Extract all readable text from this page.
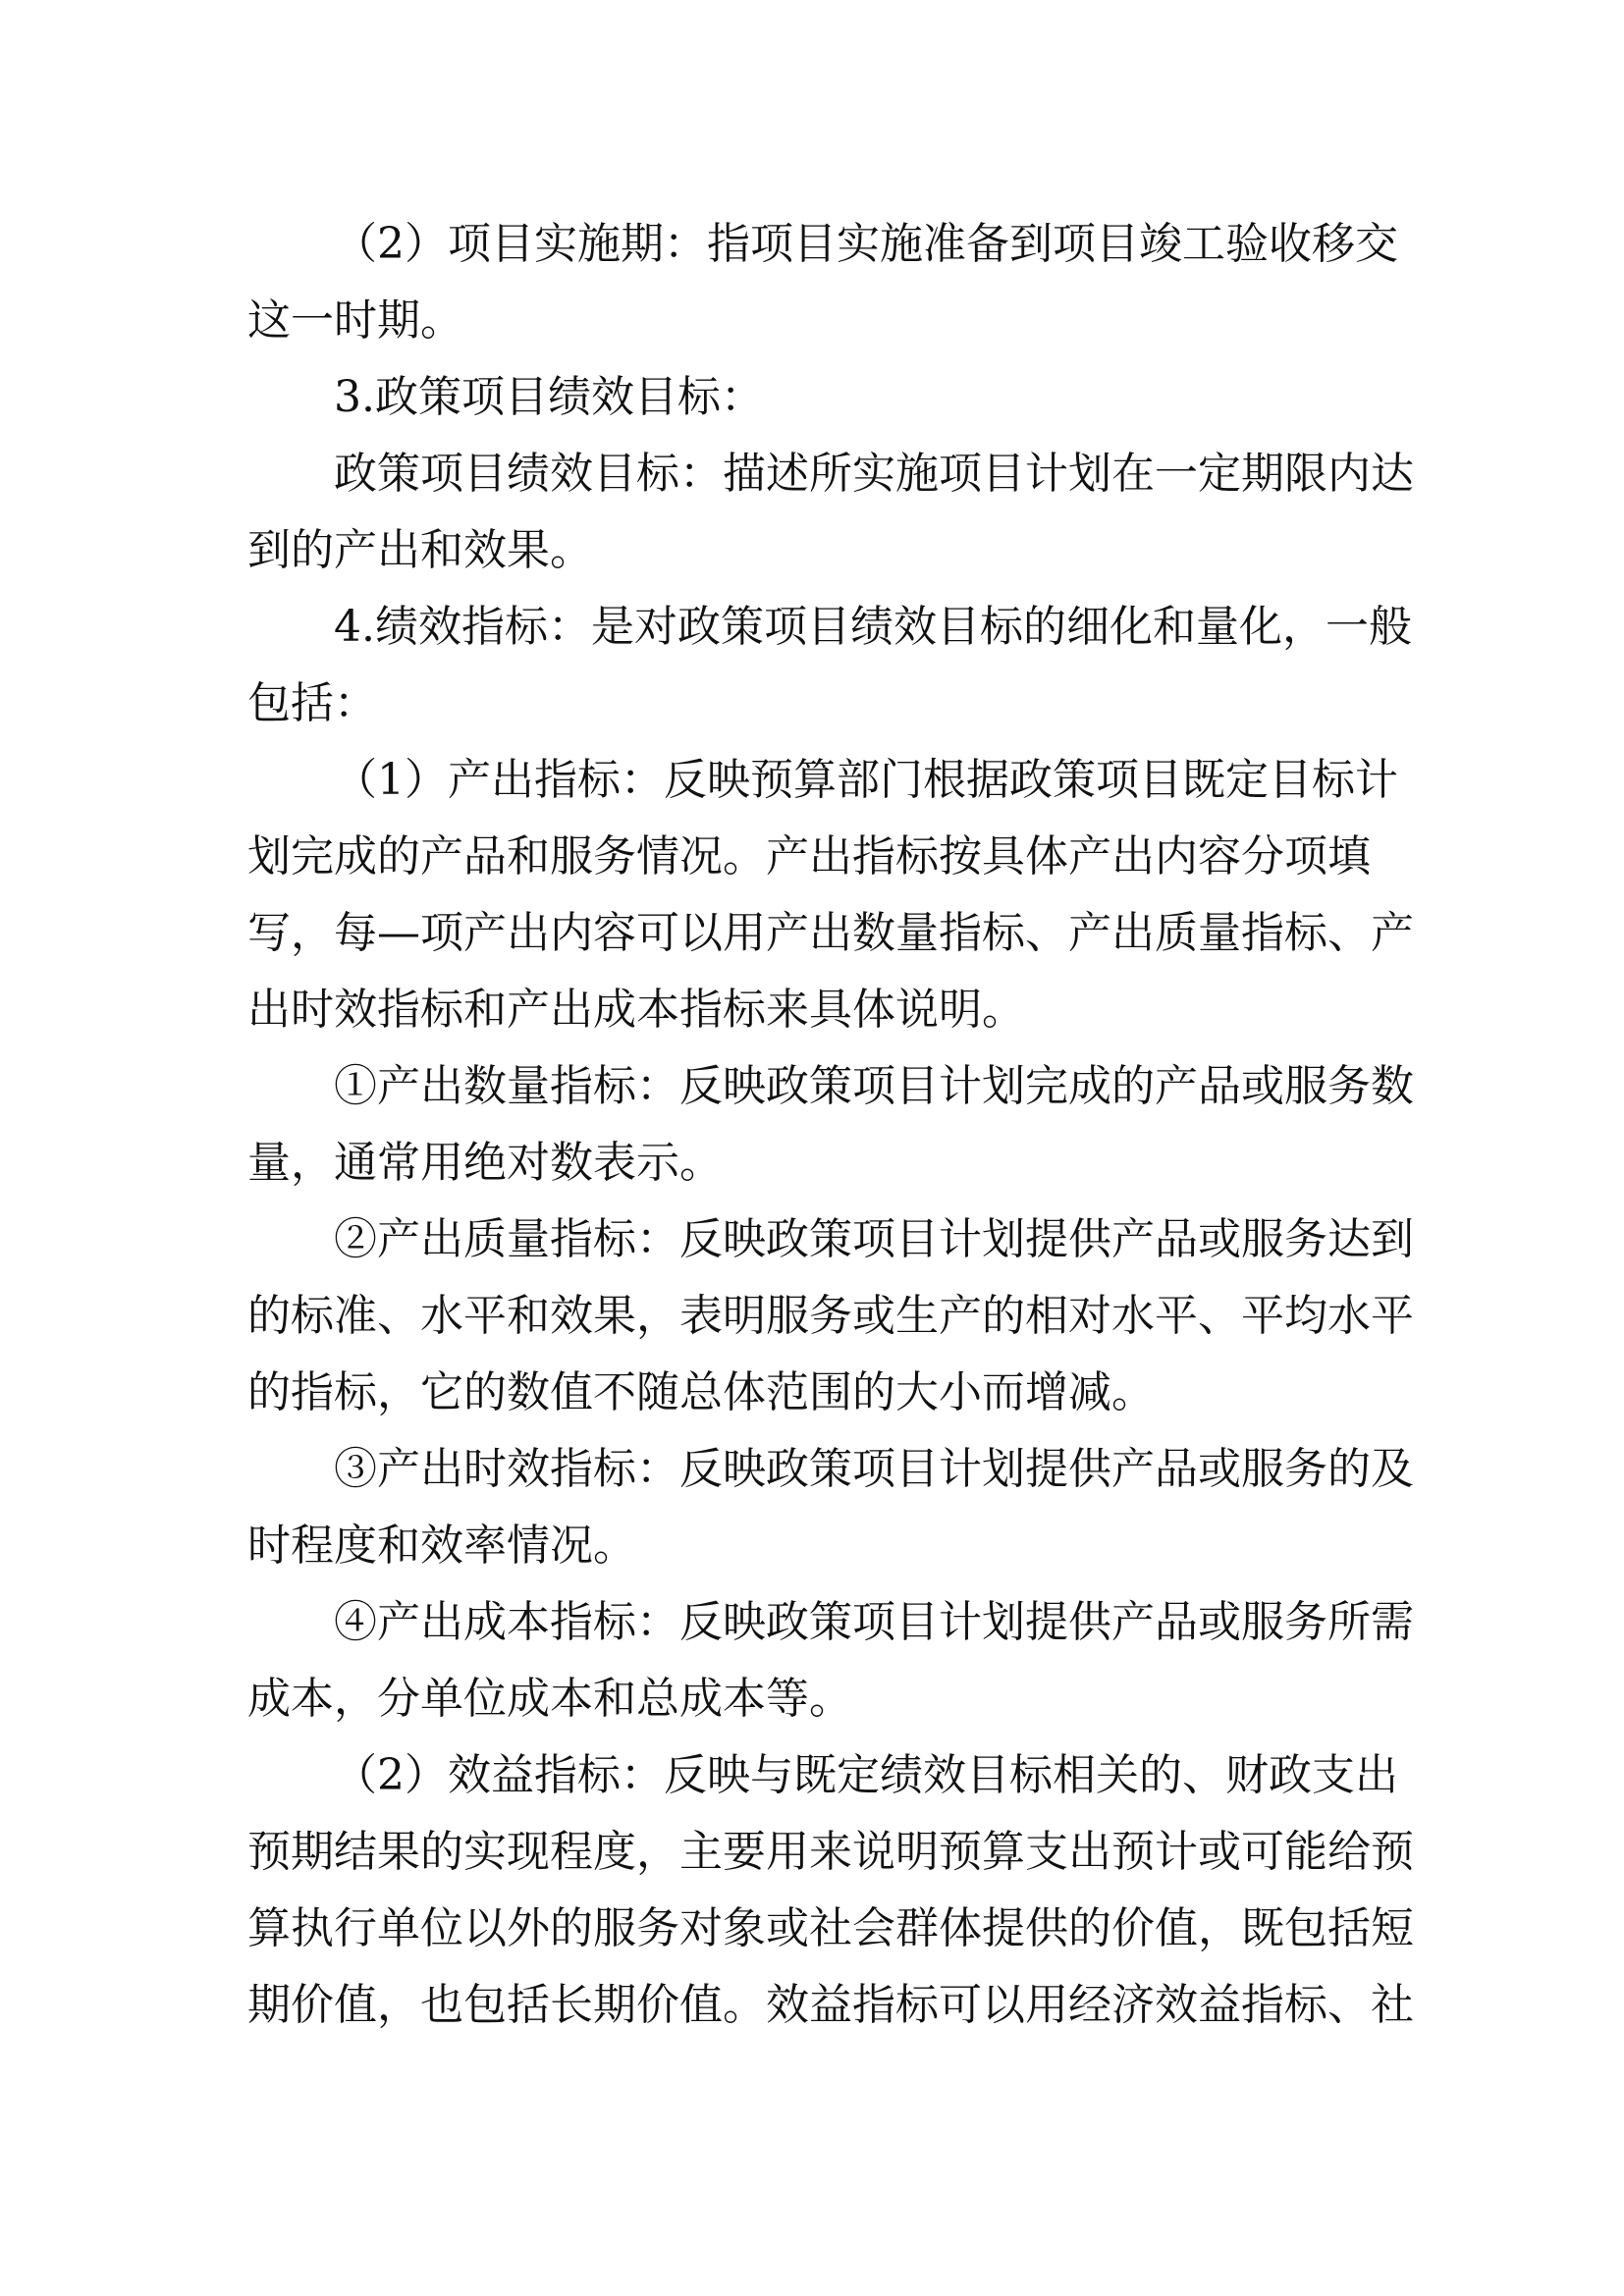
（2）项目实施期：指项目实施准备到项目竣工验收移交
这一时期。
3.政策项目绩效目标：
政策项目绩效目标：描述所实施项目计划在一定期限内达
到的产出和效果。
4.绩效指标：是对政策项目绩效目标的细化和量化，一般
包括：
（1）产出指标：反映预算部门根据政策项目既定目标计
划完成的产品和服务情况。产出指标按具体产出内容分项填
写，每—项产出内容可以用产出数量指标、产出质量指标、产
出时效指标和产出成本指标来具体说明。
①产出数量指标：反映政策项目计划完成的产品或服务数
量，通常用绝对数表示。
②产出质量指标：反映政策项目计划提供产品或服务达到
的标准、水平和效果，表明服务或生产的相对水平、平均水平
的指标，它的数值不随总体范围的大小而增减。
③产出时效指标：反映政策项目计划提供产品或服务的及
时程度和效率情况。
④产出成本指标：反映政策项目计划提供产品或服务所需
成本，分单位成本和总成本等。
（2）效益指标：反映与既定绩效目标相关的、财政支出
预期结果的实现程度，主要用来说明预算支出预计或可能给预
算执行单位以外的服务对象或社会群体提供的价值，既包括短
期价值，也包括长期价值。效益指标可以用经济效益指标、社
